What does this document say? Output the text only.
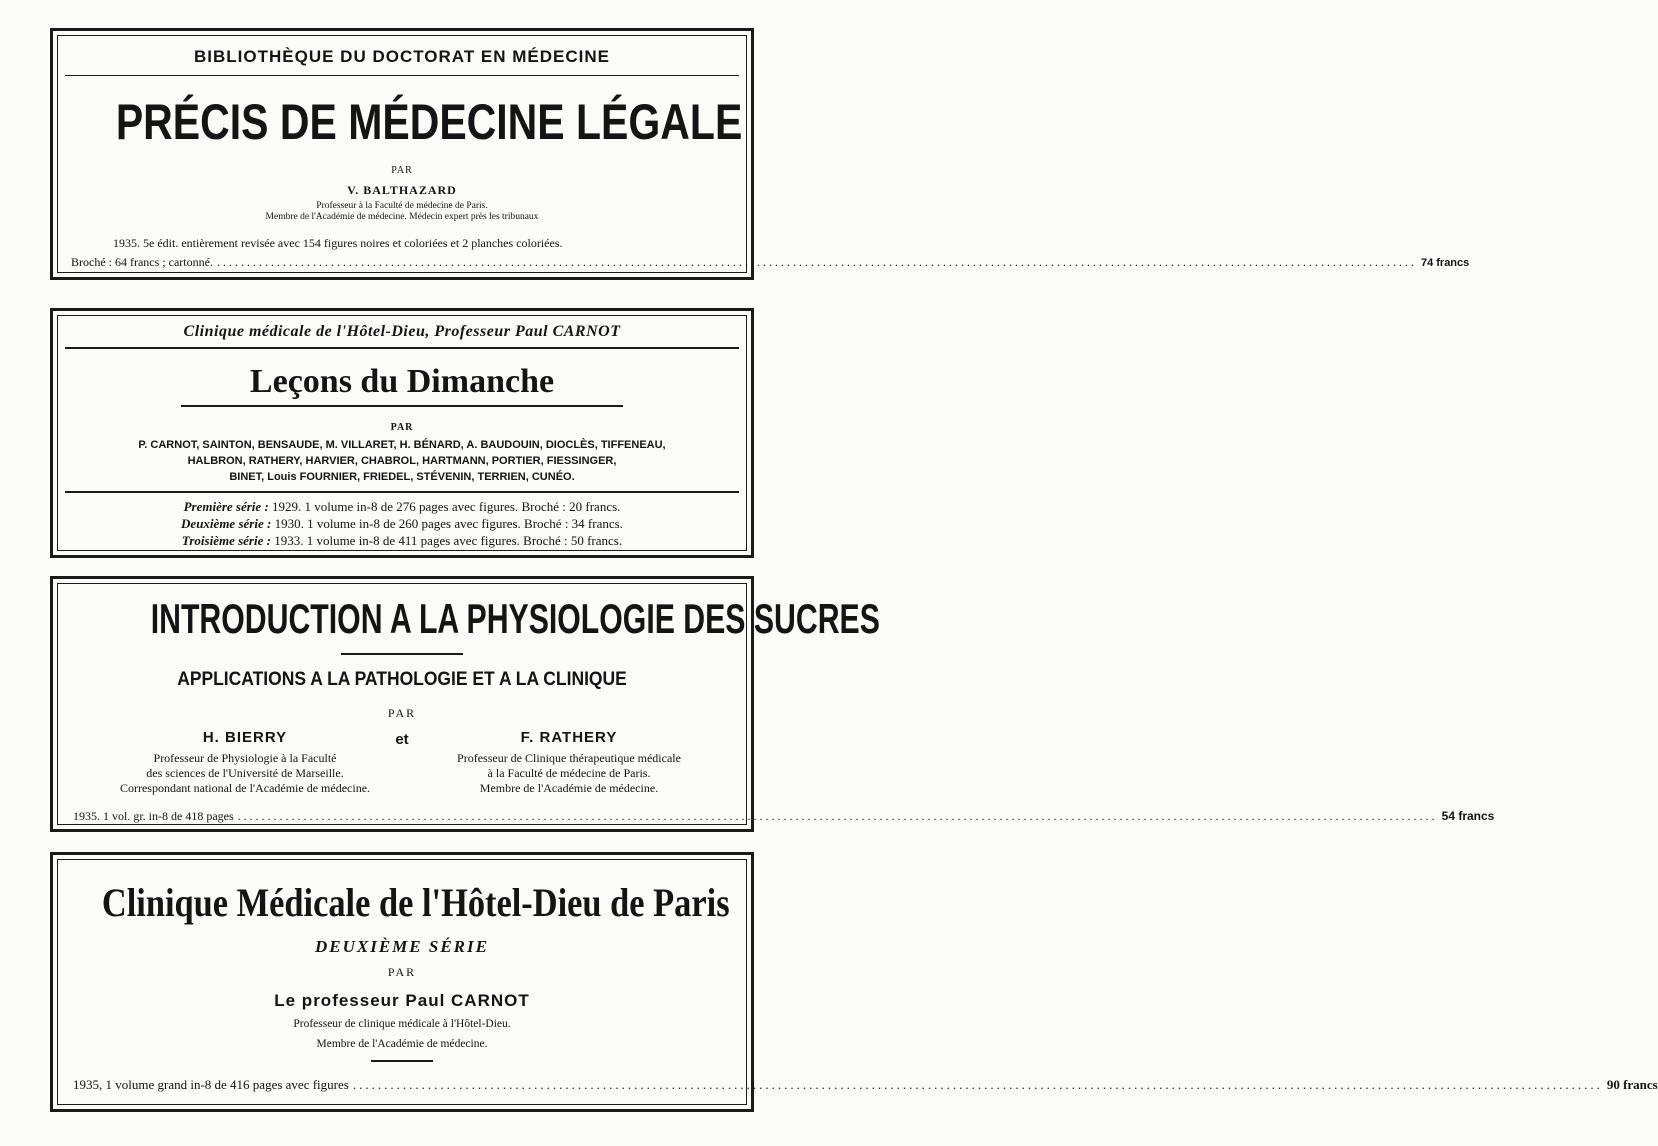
BIBLIOTHÈQUE DU DOCTORAT EN MÉDECINE
PRÉCIS DE MÉDECINE LÉGALE
PAR
V. BALTHAZARD
Professeur à la Faculté de médecine de Paris.
Membre de l'Académie de médecine. Médecin expert près les tribunaux
1935. 5e édit. entièrement revisée avec 154 figures noires et coloriées et 2 planches coloriées.
Broché : 64 francs ; cartonné. .....	74 francs
Clinique médicale de l'Hôtel-Dieu, Professeur Paul CARNOT
Leçons du Dimanche
PAR
P. CARNOT, SAINTON, BENSAUDE, M. VILLARET, H. BÉNARD, A. BAUDOUIN, DIOCLÈS, TIFFENEAU,
HALBRON, RATHERY, HARVIER, CHABROL, HARTMANN, PORTIER, FIESSINGER,
BINET, Louis FOURNIER, FRIEDEL, STÉVENIN, TERRIEN, CUNÉO.
Première série : 1929. 1 volume in-8 de 276 pages avec figures. Broché : 20 francs.
Deuxième série : 1930. 1 volume in-8 de 260 pages avec figures. Broché : 34 francs.
Troisième série : 1933. 1 volume in-8 de 411 pages avec figures. Broché : 50 francs.
INTRODUCTION A LA PHYSIOLOGIE DES SUCRES
APPLICATIONS A LA PATHOLOGIE ET A LA CLINIQUE
PAR
et
H. BIERRY
Professeur de Physiologie à la Faculté
des sciences de l'Université de Marseille.
Correspondant national de l'Académie de médecine.
F. RATHERY
Professeur de Clinique thérapeutique médicale
à la Faculté de médecine de Paris.
Membre de l'Académie de médecine.
1935. 1 vol. gr. in-8 de 418 pages .....	54 francs
Clinique Médicale de l'Hôtel-Dieu de Paris
DEUXIÈME SÉRIE
PAR
Le professeur Paul CARNOT
Professeur de clinique médicale à l'Hôtel-Dieu.
Membre de l'Académie de médecine.
1935, 1 volume grand in-8 de 416 pages avec figures .....	90 francs
